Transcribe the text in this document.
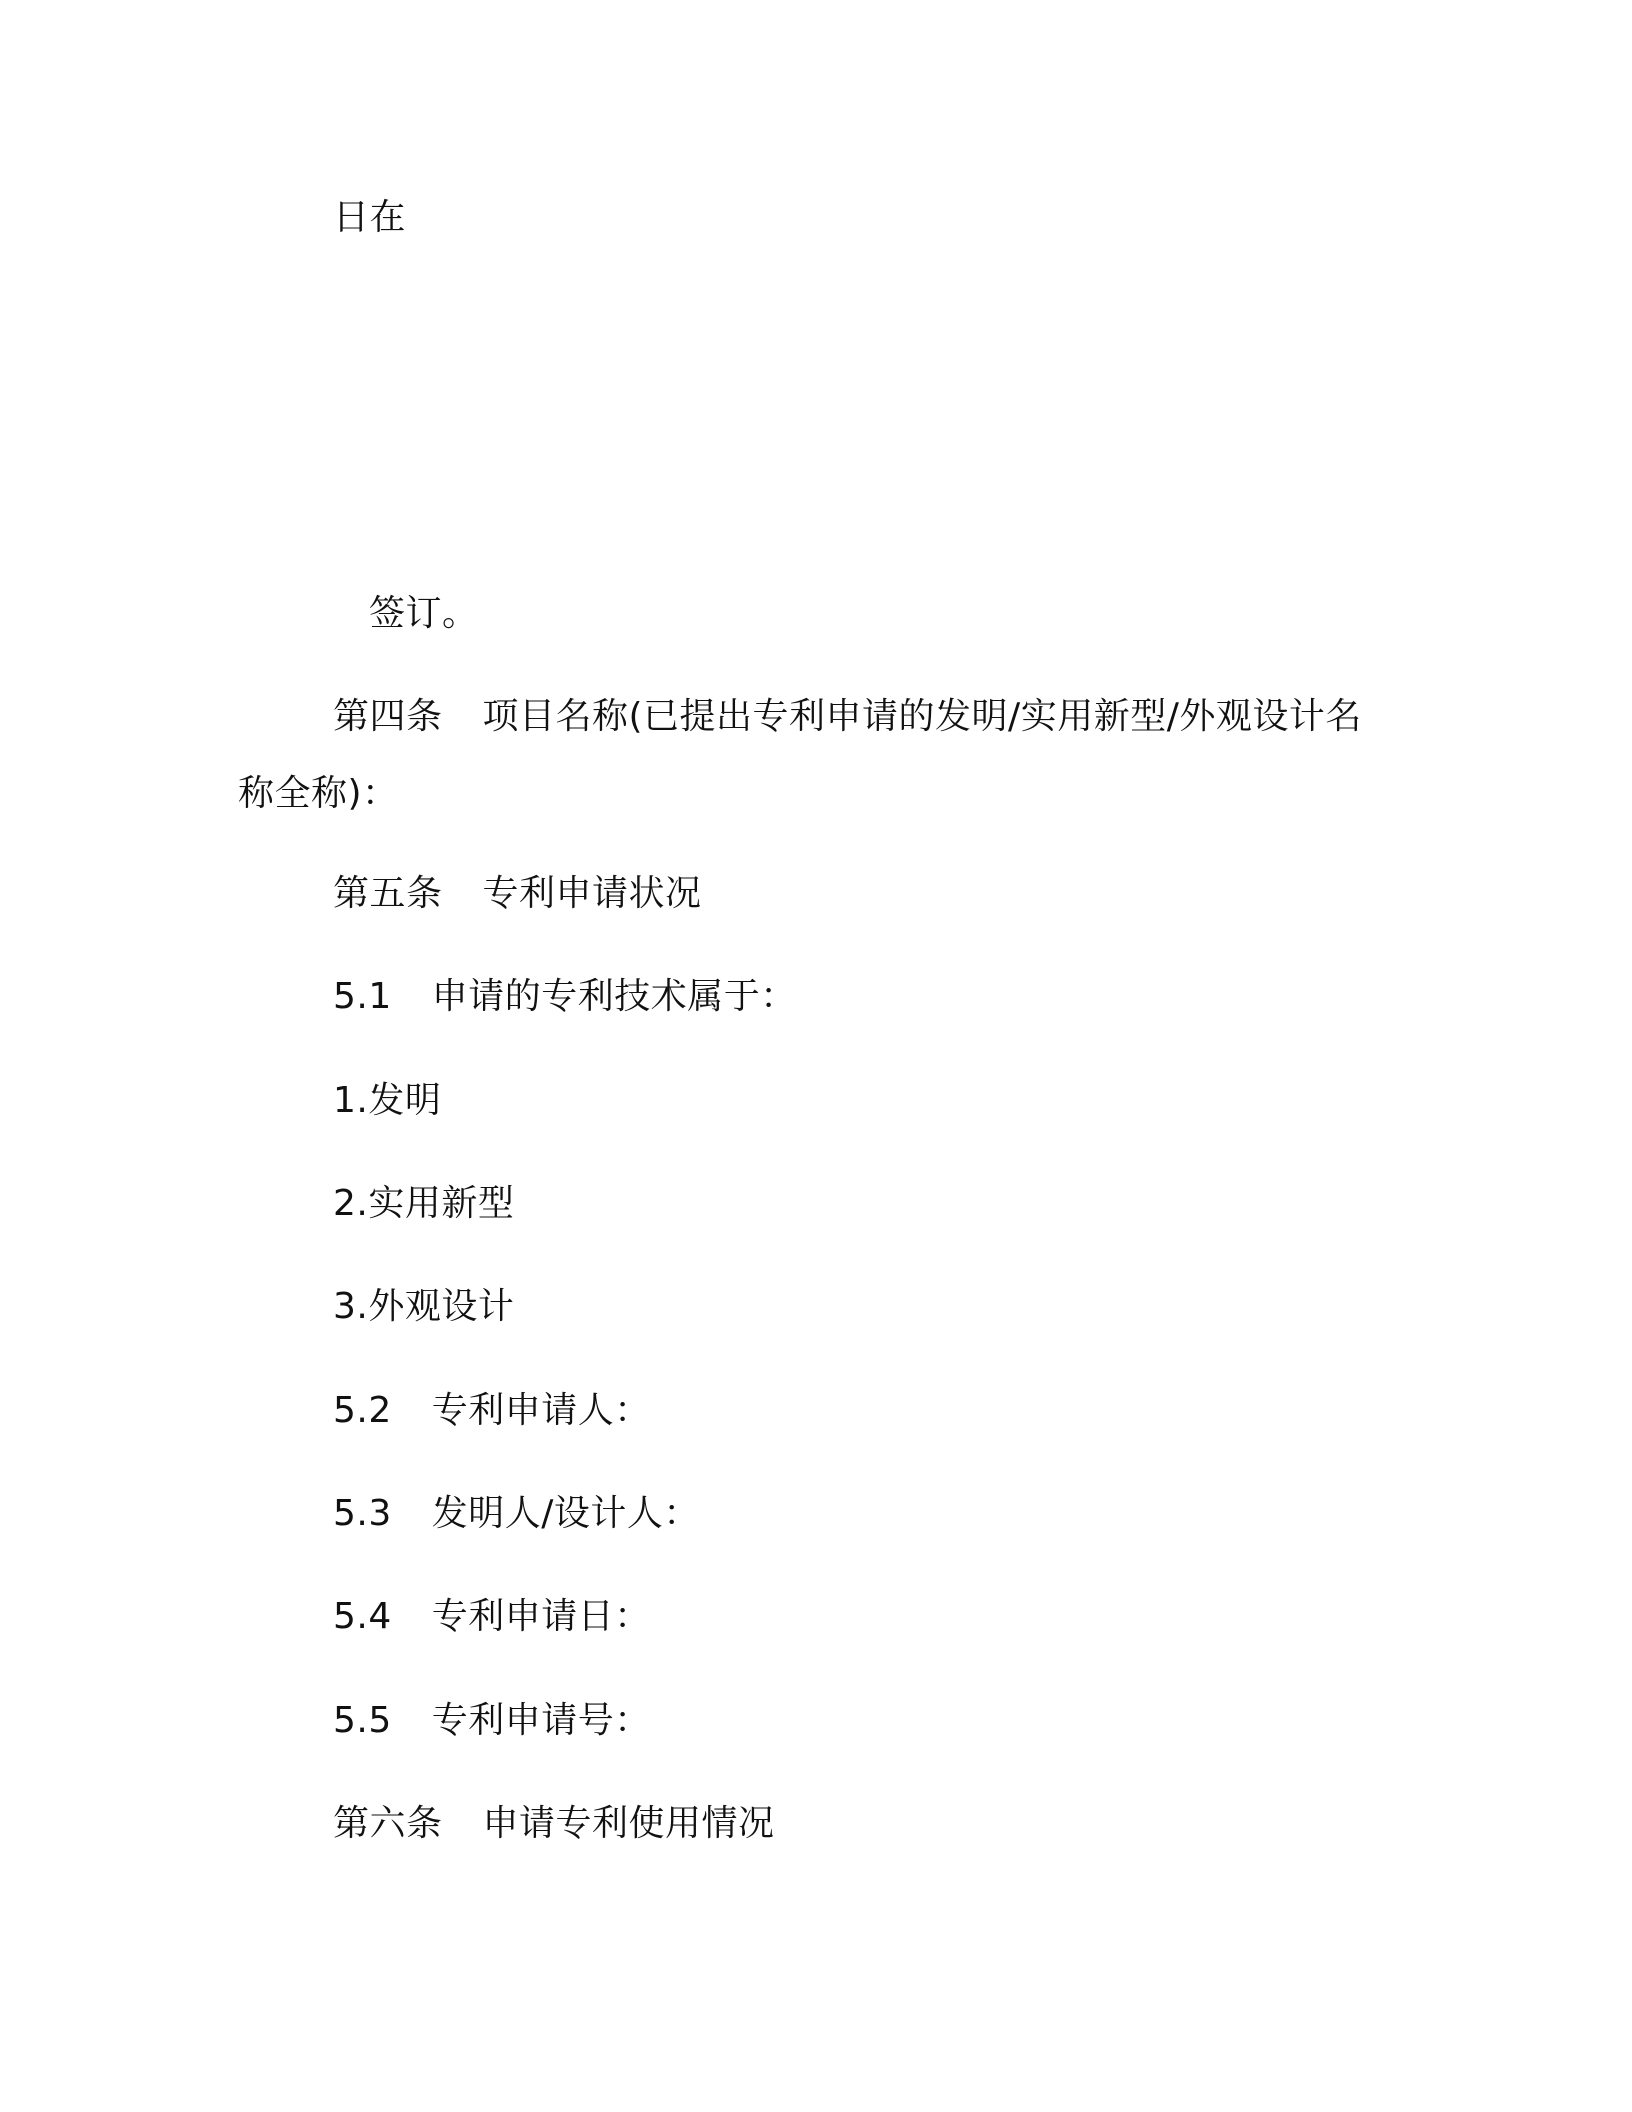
日在
签订。
第四条 项目名称(已提出专利申请的发明/实用新型/外观设计名
称全称)：
第五条 专利申请状况
5.1 申请的专利技术属于：
1.发明
2.实用新型
3.外观设计
5.2 专利申请人：
5.3 发明人/设计人：
5.4 专利申请日：
5.5 专利申请号：
第六条 申请专利使用情况
